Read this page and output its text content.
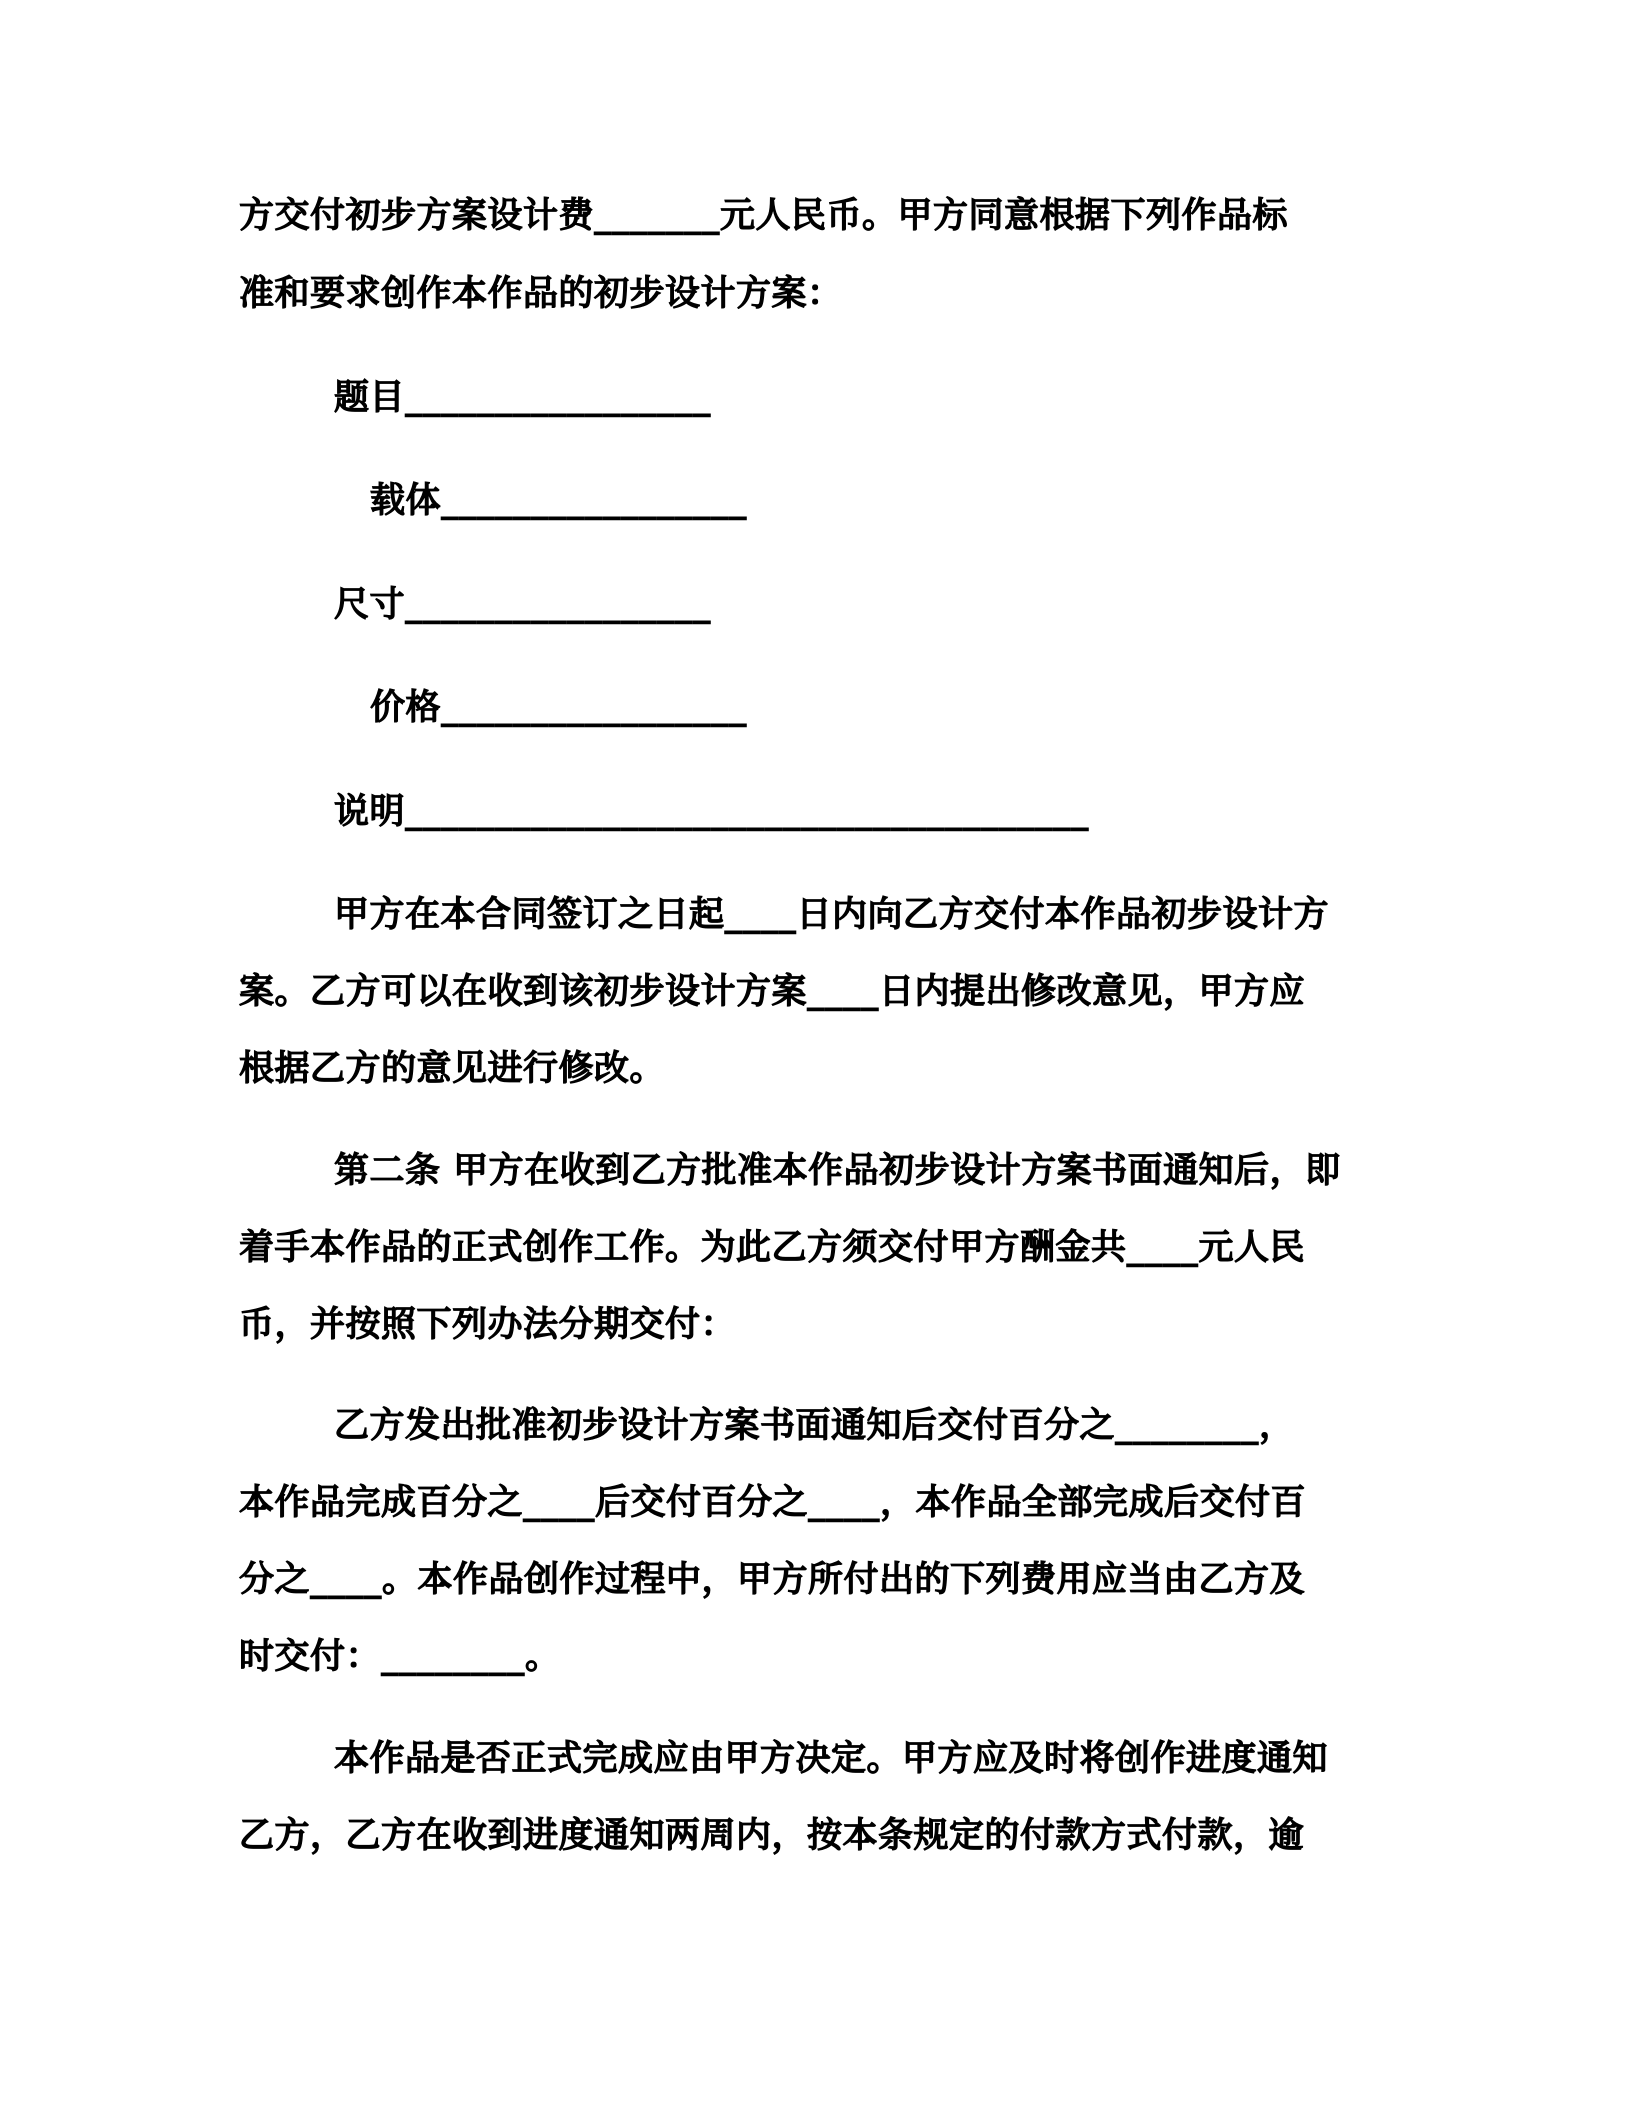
方交付初步方案设计费_______元人民币。甲方同意根据下列作品标
准和要求创作本作品的初步设计方案：
题目_________________
载体_________________
尺寸_________________
价格_________________
说明______________________________________
甲方在本合同签订之日起____日内向乙方交付本作品初步设计方
案。乙方可以在收到该初步设计方案____日内提出修改意见，甲方应
根据乙方的意见进行修改。
第二条 甲方在收到乙方批准本作品初步设计方案书面通知后，即
着手本作品的正式创作工作。为此乙方须交付甲方酬金共____元人民
币，并按照下列办法分期交付：
乙方发出批准初步设计方案书面通知后交付百分之________，
本作品完成百分之____后交付百分之____，本作品全部完成后交付百
分之____。本作品创作过程中，甲方所付出的下列费用应当由乙方及
时交付：________。
本作品是否正式完成应由甲方决定。甲方应及时将创作进度通知
乙方，乙方在收到进度通知两周内，按本条规定的付款方式付款，逾
